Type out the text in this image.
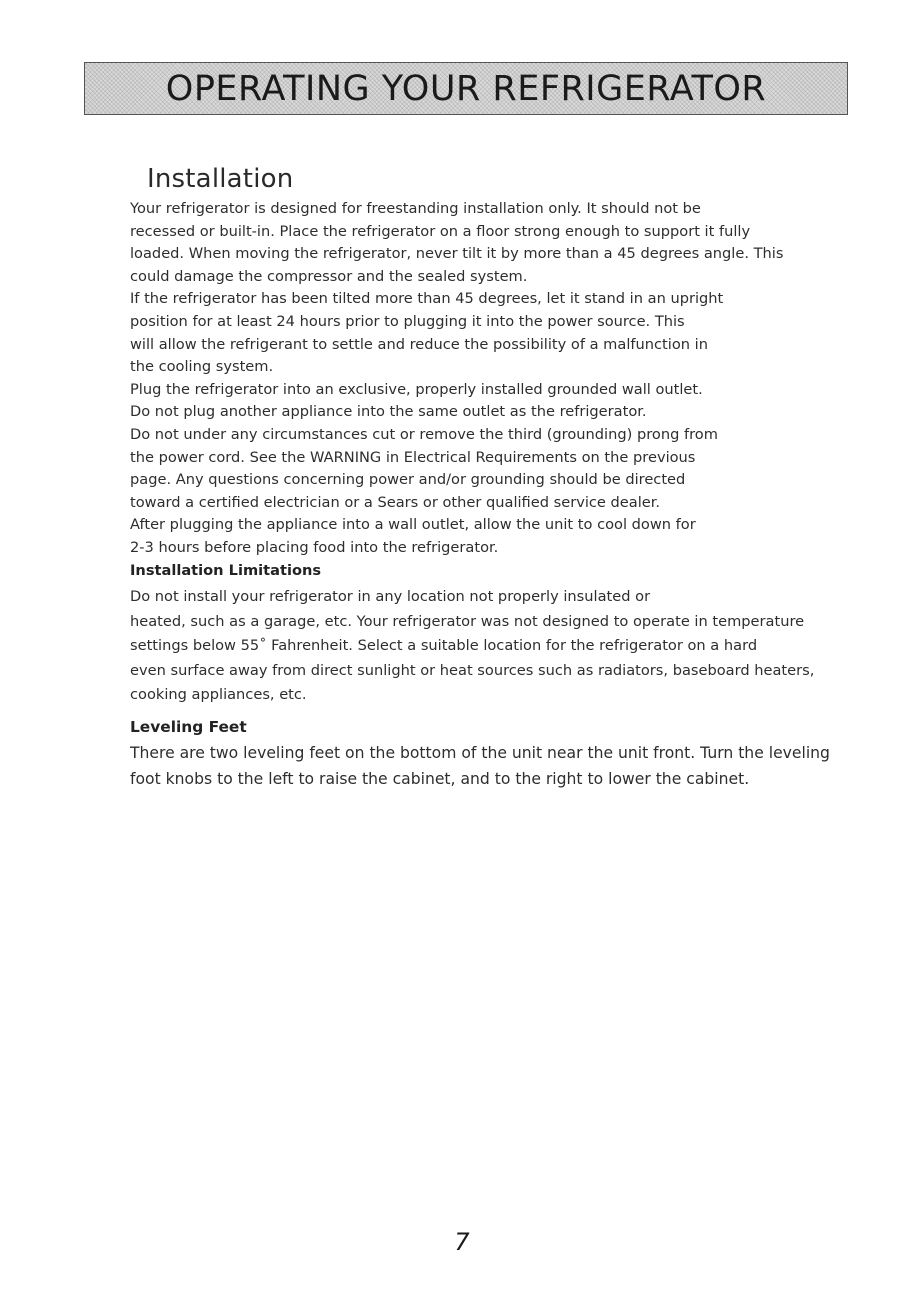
OPERATING YOUR REFRIGERATOR
Installation
Your refrigerator is designed for freestanding installation only. It should not be
recessed or built-in. Place the refrigerator on a floor strong enough to support it fully
loaded. When moving the refrigerator, never tilt it by more than a 45 degrees angle. This
could damage the compressor and the sealed system.
If the refrigerator has been tilted more than 45 degrees, let it stand in an upright
position for at least 24 hours prior to plugging it into the power source. This
will allow the refrigerant to settle and reduce the possibility of a malfunction in
the cooling system.
Plug the refrigerator into an exclusive, properly installed grounded wall outlet.
Do not plug another appliance into the same outlet as the refrigerator.
Do not under any circumstances cut or remove the third (grounding) prong from
the power cord. See the WARNING in Electrical Requirements on the previous
page. Any questions concerning power and/or grounding should be directed
toward a certified electrician or a Sears or other qualified service dealer.
After plugging the appliance into a wall outlet, allow the unit to cool down for
2-3 hours before placing food into the refrigerator.
Installation Limitations
Do not install your refrigerator in any location not properly insulated or
heated, such as a garage, etc. Your refrigerator was not designed to operate in temperature
settings below 55˚ Fahrenheit. Select a suitable location for the refrigerator on a hard
even surface away from direct sunlight or heat sources such as radiators, baseboard heaters,
cooking appliances, etc.
Leveling Feet
There are two leveling feet on the bottom of the unit near the unit front. Turn the leveling
foot knobs to the left to raise the cabinet, and to the right to lower the cabinet.
7
